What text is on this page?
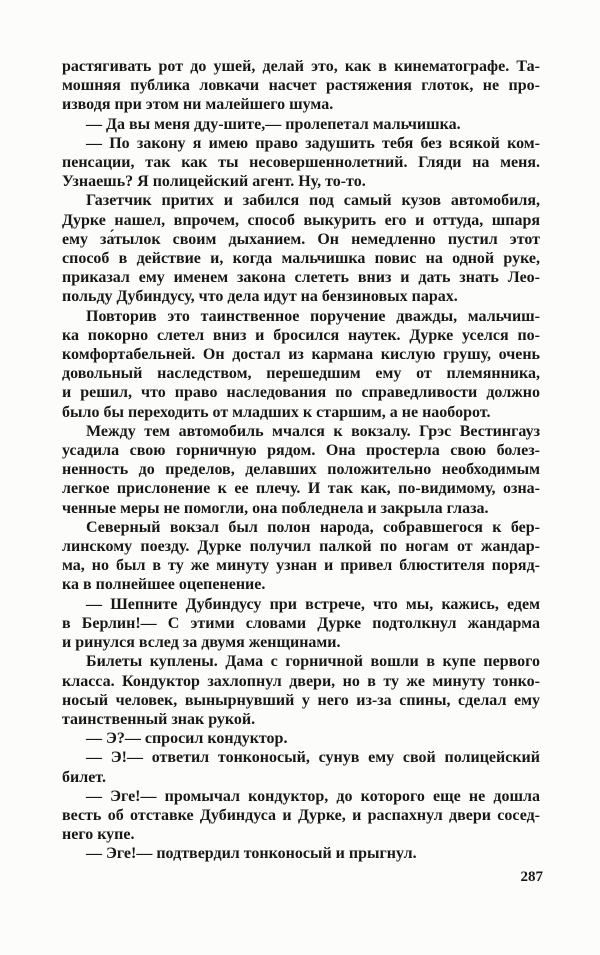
растягивать рот до ушей, делай это, как в кинематографе. Та-
мошняя публика ловкачи насчет растяжения глоток, не про-
изводя при этом ни малейшего шума.
— Да вы меня дду-шите,— пролепетал мальчишка.
— По закону я имею право задушить тебя без всякой ком-
пенсации, так как ты несовершеннолетний. Гляди на меня.
Узнаешь? Я полицейский агент. Ну, то-то.
Газетчик притих и забился под самый кузов автомобиля,
Дурке нашел, впрочем, способ выкурить его и оттуда, шпаря
ему за́тылок своим дыханием. Он немедленно пустил этот
способ в действие и, когда мальчишка повис на одной руке,
приказал ему именем закона слететь вниз и дать знать Лео-
польду Дубиндусу, что дела идут на бензиновых парах.
Повторив это таинственное поручение дважды, мальчиш-
ка покорно слетел вниз и бросился наутек. Дурке уселся по-
комфортабельней. Он достал из кармана кислую грушу, очень
довольный наследством, перешедшим ему от племянника,
и решил, что право наследования по справедливости должно
было бы переходить от младших к старшим, а не наоборот.
Между тем автомобиль мчался к вокзалу. Грэс Вестингауз
усадила свою горничную рядом. Она простерла свою болез-
ненность до пределов, делавших положительно необходимым
легкое прислонение к ее плечу. И так как, по-видимому, озна-
ченные меры не помогли, она побледнела и закрыла глаза.
Северный вокзал был полон народа, собравшегося к бер-
линскому поезду. Дурке получил палкой по ногам от жандар-
ма, но был в ту же минуту узнан и привел блюстителя поряд-
ка в полнейшее оцепенение.
— Шепните Дубиндусу при встрече, что мы, кажись, едем
в Берлин!— С этими словами Дурке подтолкнул жандарма
и ринулся вслед за двумя женщинами.
Билеты куплены. Дама с горничной вошли в купе первого
класса. Кондуктор захлопнул двери, но в ту же минуту тонко-
носый человек, вынырнувший у него из-за спины, сделал ему
таинственный знак рукой.
— Э?— спросил кондуктор.
— Э!— ответил тонконосый, сунув ему свой полицейский
билет.
— Эге!— промычал кондуктор, до которого еще не дошла
весть об отставке Дубиндуса и Дурке, и распахнул двери сосед-
него купе.
— Эге!— подтвердил тонконосый и прыгнул.
287
